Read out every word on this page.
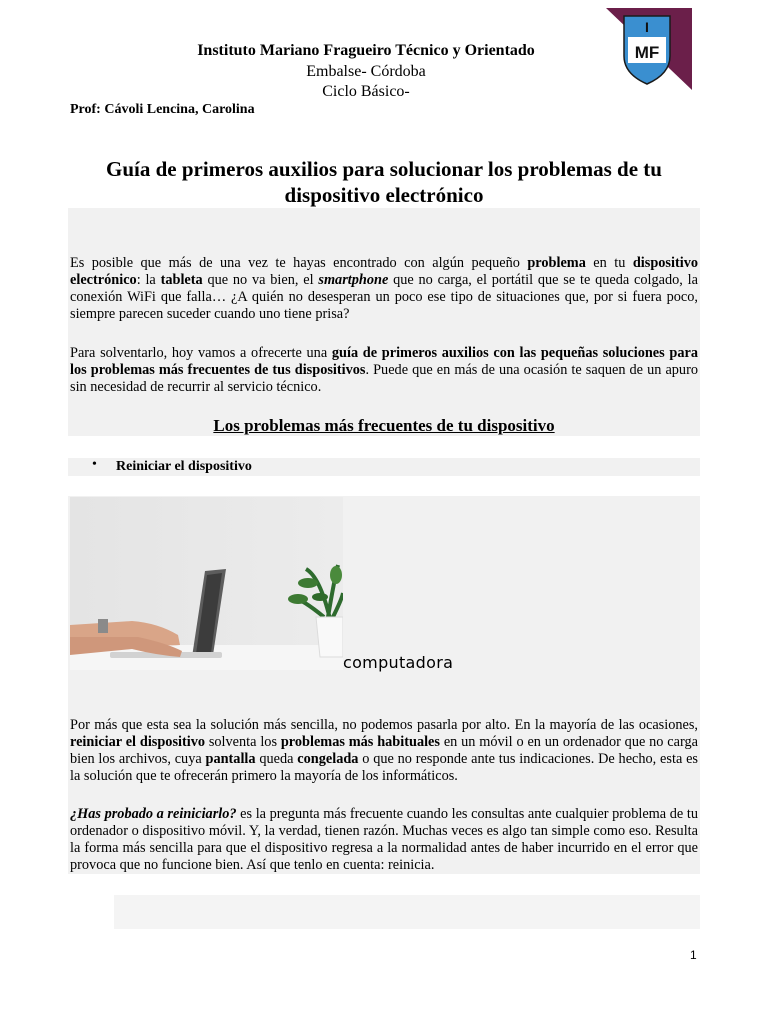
Instituto Mariano Fragueiro Técnico y Orientado
Embalse- Córdoba
Ciclo Básico-
Prof: Cávoli Lencina, Carolina
I
MF
Guía de primeros auxilios para solucionar los problemas de tu
dispositivo electrónico

Es posible que más de una vez te hayas encontrado con algún pequeño problema en tu dispositivo electrónico: la tableta que no va bien, el smartphone que no carga, el portátil que se te queda colgado, la conexión WiFi que falla… ¿A quién no desesperan un poco ese tipo de situaciones que, por si fuera poco, siempre parecen suceder cuando uno tiene prisa?

Para solventarlo, hoy vamos a ofrecerte una guía de primeros auxilios con las pequeñas soluciones para los problemas más frecuentes de tus dispositivos. Puede que en más de una ocasión te saquen de un apuro sin necesidad de recurrir al servicio técnico.

Los problemas más frecuentes de tu dispositivo
• Reiniciar el dispositivo
computadora

Por más que esta sea la solución más sencilla, no podemos pasarla por alto. En la mayoría de las ocasiones, reiniciar el dispositivo solventa los problemas más habituales en un móvil o en un ordenador que no carga bien los archivos, cuya pantalla queda congelada o que no responde ante tus indicaciones. De hecho, esta es la solución que te ofrecerán primero la mayoría de los informáticos.

¿Has probado a reiniciarlo? es la pregunta más frecuente cuando les consultas ante cualquier problema de tu ordenador o dispositivo móvil. Y, la verdad, tienen razón. Muchas veces es algo tan simple como eso. Resulta la forma más sencilla para que el dispositivo regresa a la normalidad antes de haber incurrido en el error que provoca que no funcione bien. Así que tenlo en cuenta: reinicia.

1
